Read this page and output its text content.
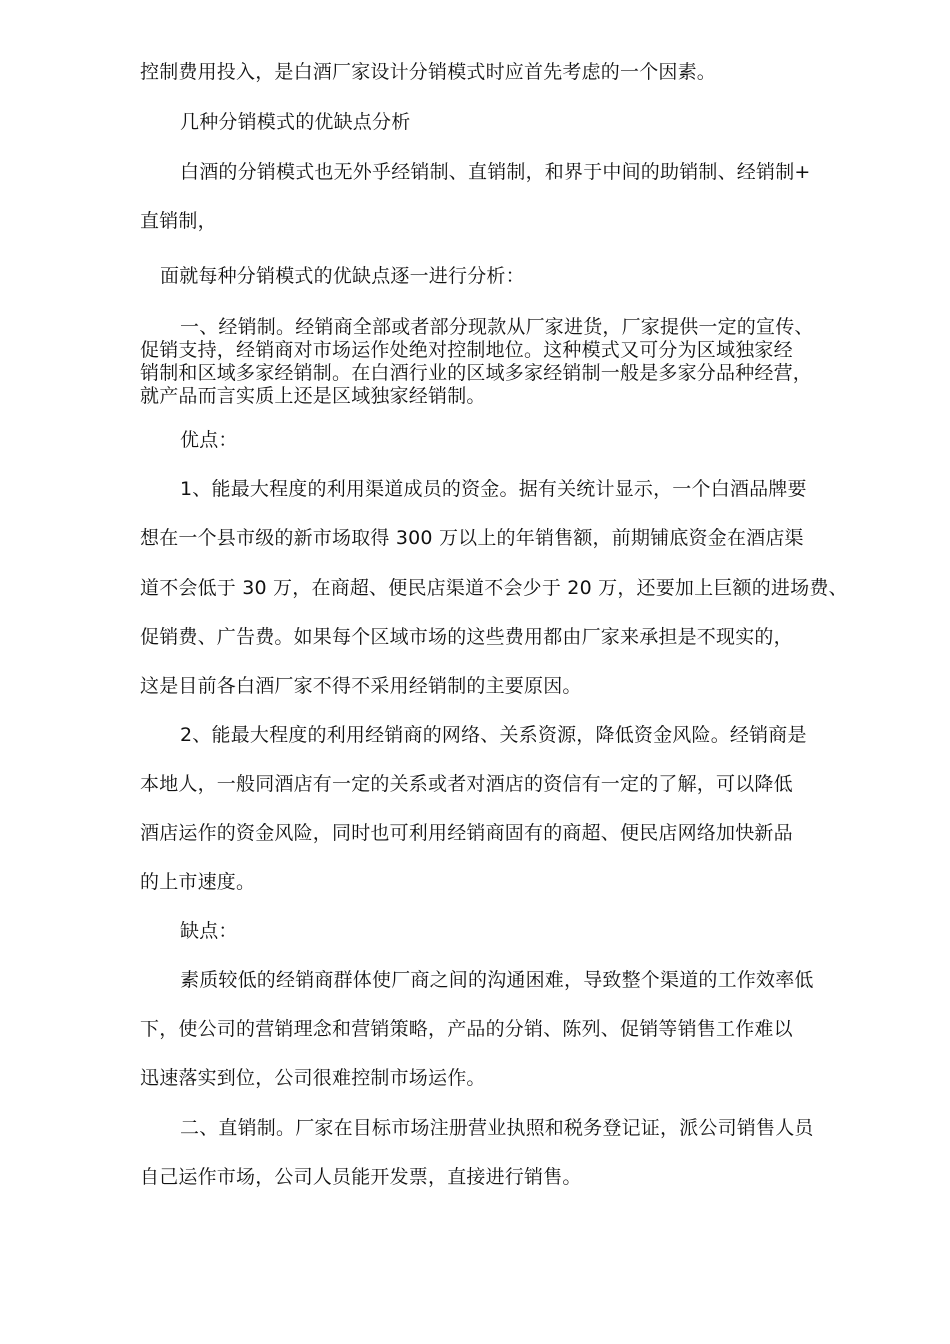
控制费用投入，是白酒厂家设计分销模式时应首先考虑的一个因素。
几种分销模式的优缺点分析
白酒的分销模式也无外乎经销制、直销制，和界于中间的助销制、经销制+
直销制，
面就每种分销模式的优缺点逐一进行分析：
一、经销制。经销商全部或者部分现款从厂家进货，厂家提供一定的宣传、
促销支持，经销商对市场运作处绝对控制地位。这种模式又可分为区域独家经
销制和区域多家经销制。在白酒行业的区域多家经销制一般是多家分品种经营，
就产品而言实质上还是区域独家经销制。
优点：
1、能最大程度的利用渠道成员的资金。据有关统计显示，一个白酒品牌要
想在一个县市级的新市场取得 300 万以上的年销售额，前期铺底资金在酒店渠
道不会低于 30 万，在商超、便民店渠道不会少于 20 万，还要加上巨额的进场费、
促销费、广告费。如果每个区域市场的这些费用都由厂家来承担是不现实的，
这是目前各白酒厂家不得不采用经销制的主要原因。
2、能最大程度的利用经销商的网络、关系资源，降低资金风险。经销商是
本地人，一般同酒店有一定的关系或者对酒店的资信有一定的了解，可以降低
酒店运作的资金风险，同时也可利用经销商固有的商超、便民店网络加快新品
的上市速度。
缺点：
素质较低的经销商群体使厂商之间的沟通困难，导致整个渠道的工作效率低
下，使公司的营销理念和营销策略，产品的分销、陈列、促销等销售工作难以
迅速落实到位，公司很难控制市场运作。
二、直销制。厂家在目标市场注册营业执照和税务登记证，派公司销售人员
自己运作市场，公司人员能开发票，直接进行销售。
